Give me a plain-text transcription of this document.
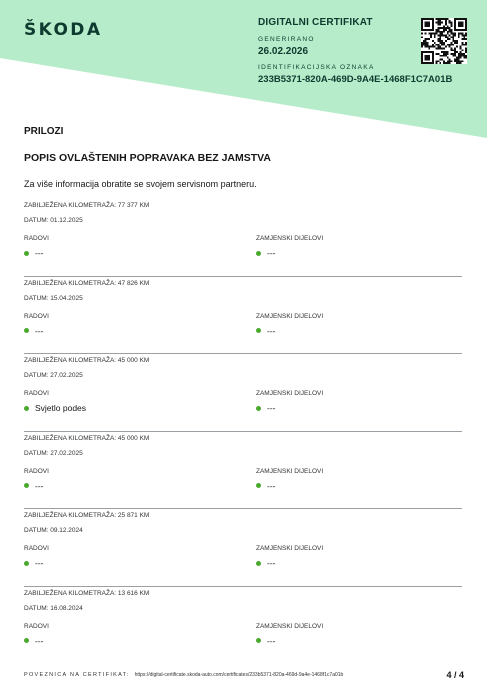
ŠKODA	DIGITALNI CERTIFIKAT
GENERIRANO
26.02.2026
IDENTIFIKACIJSKA OZNAKA
233B5371-820A-469D-9A4E-1468F1C7A01B
PRILOZI
POPIS OVLAŠTENIH POPRAVAKA BEZ JAMSTVA
Za više informacija obratite se svojem servisnom partneru.
ZABILJEŽENA KILOMETRAŽA: 77 377 KM
DATUM: 01.12.2025
RADOVI	ZAMJENSKI DIJELOVI
---	---
ZABILJEŽENA KILOMETRAŽA: 47 826 KM
DATUM: 15.04.2025
RADOVI	ZAMJENSKI DIJELOVI
---	---
ZABILJEŽENA KILOMETRAŽA: 45 000 KM
DATUM: 27.02.2025
RADOVI	ZAMJENSKI DIJELOVI
Svjetlo podes	---
ZABILJEŽENA KILOMETRAŽA: 45 000 KM
DATUM: 27.02.2025
RADOVI	ZAMJENSKI DIJELOVI
---	---
ZABILJEŽENA KILOMETRAŽA: 25 871 KM
DATUM: 09.12.2024
RADOVI	ZAMJENSKI DIJELOVI
---	---
ZABILJEŽENA KILOMETRAŽA: 13 616 KM
DATUM: 16.08.2024
RADOVI	ZAMJENSKI DIJELOVI
---	---
POVEZNICA NA CERTIFIKAT: https://digital-certificate.skoda-auto.com/certificates/233b5371-820a-469d-9a4e-1468f1c7a01b	4 / 4
